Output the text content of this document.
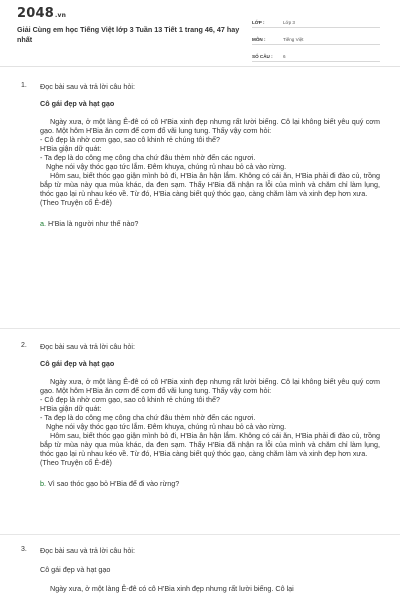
2048.vn
Giải Cùng em học Tiếng Việt lớp 3 Tuần 13 Tiết 1 trang 46, 47 hay nhất
LỚP :	Lớp 3
MÔN :	Tiếng Việt
SỐ CÂU :	6
1. Đọc bài sau và trả lời câu hỏi:
Cô gái đẹp và hạt gạo
Ngày xưa, ở một làng Ê-đê có cô H'Bia xinh đẹp nhưng rất lười biếng. Cô lại không biết yêu quý cơm gạo. Một hôm H'Bia ăn cơm để cơm đổ vãi lung tung. Thấy vậy cơm hỏi:
- Cô đẹp là nhờ cơm gạo, sao cô khinh rẻ chúng tôi thế?
H'Bia giận dữ quát:
- Ta đẹp là do công mẹ công cha chứ đâu thèm nhờ đến các ngươi.
Nghe nói vậy thóc gạo tức lắm. Đêm khuya, chúng rủ nhau bỏ cả vào rừng.
Hôm sau, biết thóc gạo giận mình bỏ đi, H'Bia ân hận lắm. Không có cái ăn, H'Bia phải đi đào củ, trồng bắp từ mùa này qua mùa khác, da đen sạm. Thấy H'Bia đã nhận ra lỗi của mình và chăm chỉ làm lụng, thóc gạo lại rủ nhau kéo về. Từ đó, H'Bia càng biết quý thóc gạo, càng chăm làm và xinh đẹp hơn xưa.
(Theo Truyện cổ Ê-đê)
a. H'Bia là người như thế nào?
2. Đọc bài sau và trả lời câu hỏi:
Cô gái đẹp và hạt gạo
Ngày xưa, ở một làng Ê-đê có cô H'Bia xinh đẹp nhưng rất lười biếng. Cô lại không biết yêu quý cơm gạo. Một hôm H'Bia ăn cơm để cơm đổ vãi lung tung. Thấy vậy cơm hỏi:
- Cô đẹp là nhờ cơm gạo, sao cô khinh rẻ chúng tôi thế?
H'Bia giận dữ quát:
- Ta đẹp là do công mẹ công cha chứ đâu thèm nhờ đến các ngươi.
Nghe nói vậy thóc gạo tức lắm. Đêm khuya, chúng rủ nhau bỏ cả vào rừng.
Hôm sau, biết thóc gạo giận mình bỏ đi, H'Bia ân hận lắm. Không có cái ăn, H'Bia phải đi đào củ, trồng bắp từ mùa này qua mùa khác, da đen sạm. Thấy H'Bia đã nhận ra lỗi của mình và chăm chỉ làm lụng, thóc gạo lại rủ nhau kéo về. Từ đó, H'Bia càng biết quý thóc gạo, càng chăm làm và xinh đẹp hơn xưa.
(Theo Truyện cổ Ê-đê)
b. Vì sao thóc gạo bỏ H'Bia để đi vào rừng?
3. Đọc bài sau và trả lời câu hỏi:
Cô gái đẹp và hạt gạo
Ngày xưa, ở một làng Ê-đê có cô H'Bia xinh đẹp nhưng rất lười biếng. Cô lại
